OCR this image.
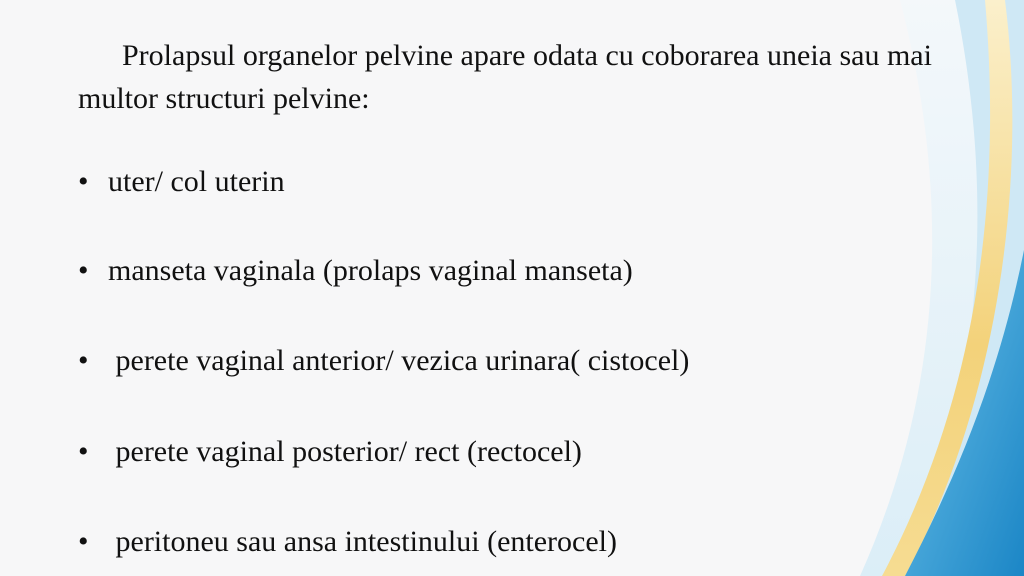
Prolapsul organelor pelvine apare odata cu coborarea uneia sau mai multor structuri pelvine:

• uter/ col uterin
• manseta vaginala (prolaps vaginal manseta)
• perete vaginal anterior/ vezica urinara( cistocel)
• perete vaginal posterior/ rect (rectocel)
• peritoneu sau ansa intestinului (enterocel)
